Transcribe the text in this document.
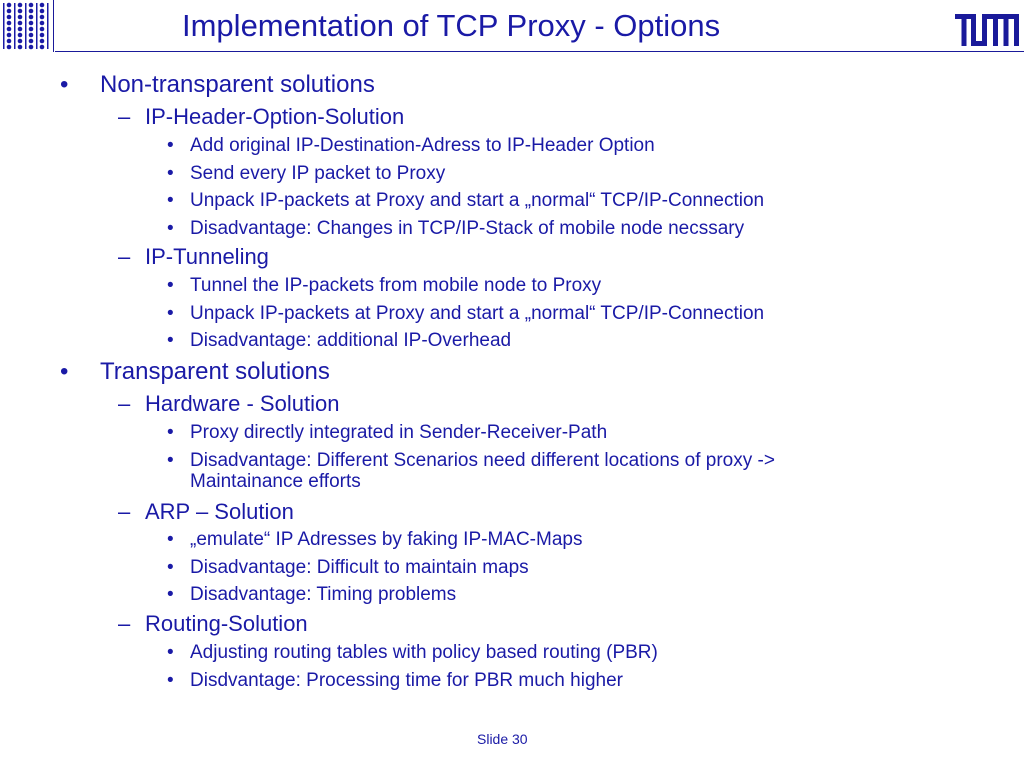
Implementation of TCP Proxy - Options
• Non-transparent solutions
– IP-Header-Option-Solution
• Add original IP-Destination-Adress to IP-Header Option
• Send every IP packet to Proxy
• Unpack IP-packets at Proxy and start a „normal“ TCP/IP-Connection
• Disadvantage: Changes in TCP/IP-Stack of mobile node necssary
– IP-Tunneling
• Tunnel the IP-packets from mobile node to Proxy
• Unpack IP-packets at Proxy and start a „normal“ TCP/IP-Connection
• Disadvantage: additional IP-Overhead
• Transparent solutions
– Hardware - Solution
• Proxy directly integrated in Sender-Receiver-Path
• Disadvantage: Different Scenarios need different locations of proxy ->
Maintainance efforts
– ARP – Solution
• „emulate“ IP Adresses by faking IP-MAC-Maps
• Disadvantage: Difficult to maintain maps
• Disadvantage: Timing problems
– Routing-Solution
• Adjusting routing tables with policy based routing (PBR)
• Disdvantage: Processing time for PBR much higher
Slide 30
